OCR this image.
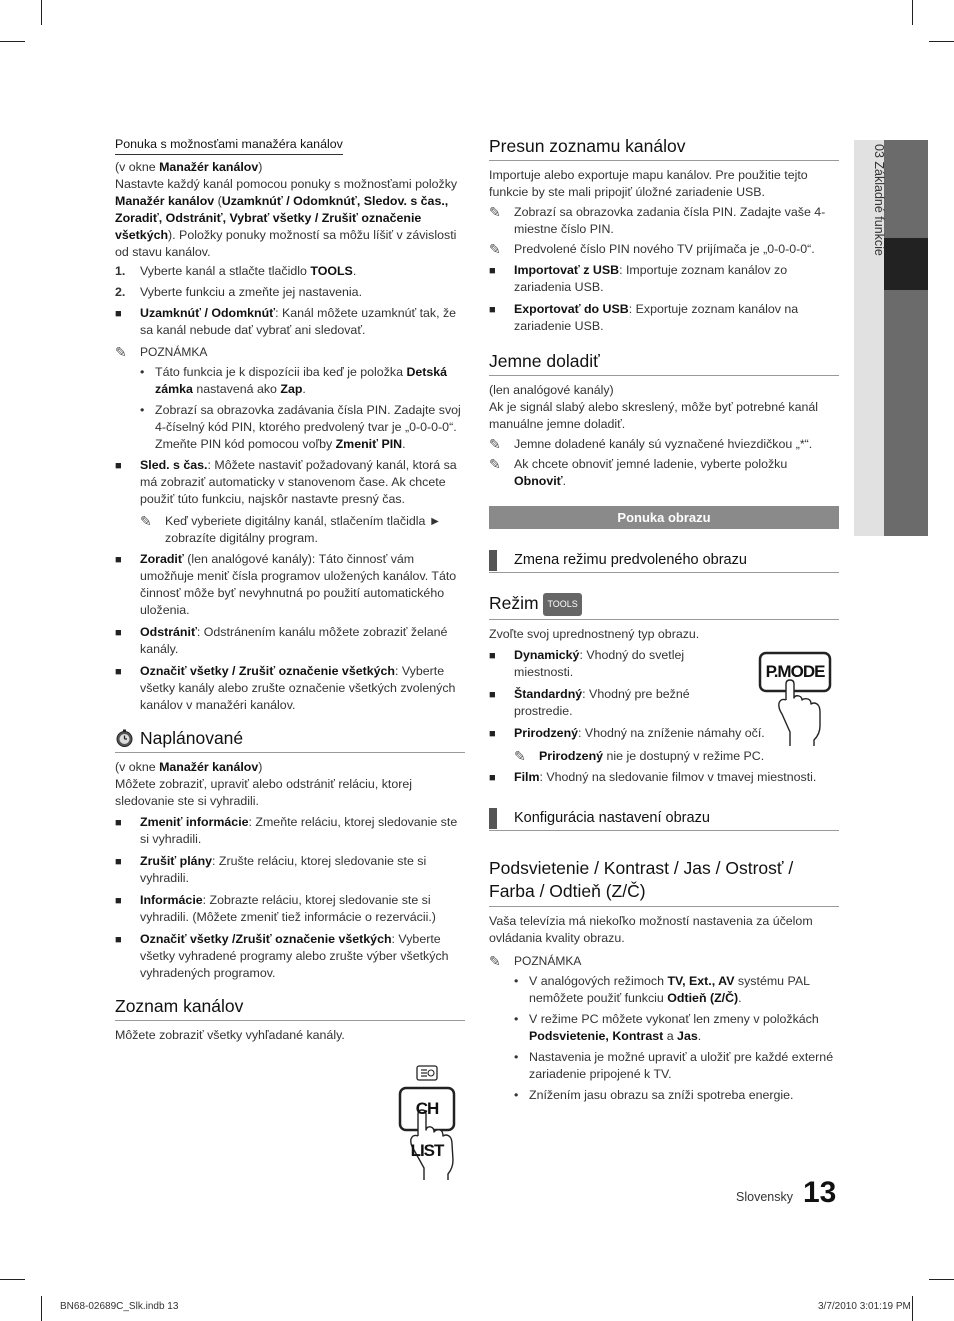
03 Základné funkcie
Ponuka s možnosťami manažéra kanálov

(v okne Manažér kanálov)

Nastavte každý kanál pomocou ponuky s možnosťami položky Manažér kanálov (Uzamknúť / Odomknúť, Sledov. s čas., Zoradiť, Odstrániť, Vybrať všetky / Zrušiť označenie všetkých). Položky ponuky možností sa môžu líšiť v závislosti od stavu kanálov.

1.	Vyberte kanál a stlačte tlačidlo TOOLS.
2.	Vyberte funkciu a zmeňte jej nastavenia.
■	Uzamknúť / Odomknúť: Kanál môžete uzamknúť tak, že sa kanál nebude dať vybrať ani sledovať.
✎	POZNÁMKA
• Táto funkcia je k dispozícii iba keď je položka Detská zámka nastavená ako Zap.
• Zobrazí sa obrazovka zadávania čísla PIN. Zadajte svoj 4-číselný kód PIN, ktorého predvolený tvar je „0-0-0-0“. Zmeňte PIN kód pomocou voľby Zmeniť PIN.
■	Sled. s čas.: Môžete nastaviť požadovaný kanál, ktorá sa má zobraziť automaticky v stanovenom čase. Ak chcete použiť túto funkciu, najskôr nastavte presný čas.
✎	Keď vyberiete digitálny kanál, stlačením tlačidla ► zobrazíte digitálny program.
■	Zoradiť (len analógové kanály): Táto činnosť vám umožňuje meniť čísla programov uložených kanálov. Táto činnosť môže byť nevyhnutná po použití automatického uloženia.
■	Odstrániť: Odstránením kanálu môžete zobraziť želané kanály.
■	Označiť všetky / Zrušiť označenie všetkých: Vyberte všetky kanály alebo zrušte označenie všetkých zvolených kanálov v manažéri kanálov.
Naplánované

(v okne Manažér kanálov)

Môžete zobraziť, upraviť alebo odstrániť reláciu, ktorej sledovanie ste si vyhradili.

■	Zmeniť informácie: Zmeňte reláciu, ktorej sledovanie ste si vyhradili.
■	Zrušiť plány: Zrušte reláciu, ktorej sledovanie ste si vyhradili.
■	Informácie: Zobrazte reláciu, ktorej sledovanie ste si vyhradili. (Môžete zmeniť tiež informácie o rezervácii.)
■	Označiť všetky /Zrušiť označenie všetkých: Vyberte všetky vyhradené programy alebo zrušte výber všetkých vyhradených programov.
Zoznam kanálov

Môžete zobraziť všetky vyhľadané kanály.

CH LIST
Presun zoznamu kanálov

Importuje alebo exportuje mapu kanálov. Pre použitie tejto funkcie by ste mali pripojiť úložné zariadenie USB.

✎	Zobrazí sa obrazovka zadania čísla PIN. Zadajte vaše 4-miestne číslo PIN.
✎	Predvolené číslo PIN nového TV prijímača je „0-0-0-0“.
■	Importovať z USB: Importuje zoznam kanálov zo zariadenia USB.
■	Exportovať do USB: Exportuje zoznam kanálov na zariadenie USB.
Jemne doladiť

(len analógové kanály)

Ak je signál slabý alebo skreslený, môže byť potrebné kanál manuálne jemne doladiť.

✎	Jemne doladené kanály sú vyznačené hviezdičkou „*“.
✎	Ak chcete obnoviť jemné ladenie, vyberte položku Obnoviť.
Ponuka obrazu
Zmena režimu predvoleného obrazu
Režim TOOLS

Zvoľte svoj uprednostnený typ obrazu.

■	Dynamický: Vhodný do svetlej miestnosti.
■	Štandardný: Vhodný pre bežné prostredie.
■	Prirodzený: Vhodný na zníženie námahy očí.
✎	Prirodzený nie je dostupný v režime PC.
■	Film: Vhodný na sledovanie filmov v tmavej miestnosti.
Konfigurácia nastavení obrazu
Podsvietenie / Kontrast / Jas / Ostrosť / Farba / Odtieň (Z/Č)

Vaša televízia má niekoľko možností nastavenia za účelom ovládania kvality obrazu.

✎	POZNÁMKA
• V analógových režimoch TV, Ext., AV systému PAL nemôžete použiť funkciu Odtieň (Z/Č).
• V režime PC môžete vykonať len zmeny v položkách Podsvietenie, Kontrast a Jas.
• Nastavenia je možné upraviť a uložiť pre každé externé zariadenie pripojené k TV.
• Znížením jasu obrazu sa zníži spotreba energie.
P.MODE
Slovensky 13
BN68-02689C_Slk.indb 13	3/7/2010 3:01:19 PM
